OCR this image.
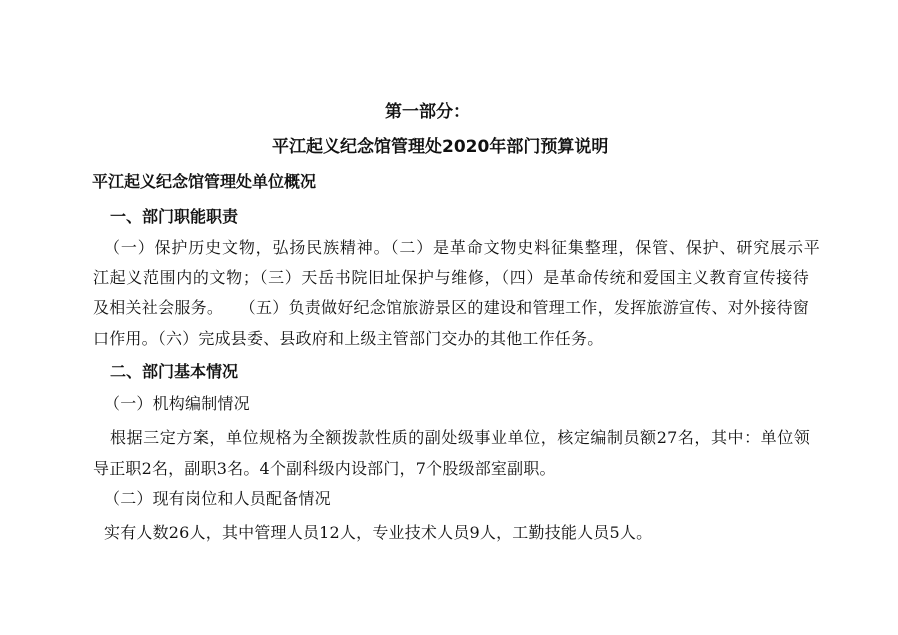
第一部分：
平江起义纪念馆管理处2020年部门预算说明
平江起义纪念馆管理处单位概况
一、部门职能职责
（一）保护历史文物，弘扬民族精神。（二）是革命文物史料征集整理，保管、保护、研究展示平
江起义范围内的文物；（三）天岳书院旧址保护与维修，（四）是革命传统和爱国主义教育宣传接待
及相关社会服务。　　（五）负责做好纪念馆旅游景区的建设和管理工作，发挥旅游宣传、对外接待窗
口作用。（六）完成县委、县政府和上级主管部门交办的其他工作任务。
二、部门基本情况
（一）机构编制情况
根据三定方案，单位规格为全额拨款性质的副处级事业单位，核定编制员额27名，其中：单位领
导正职2名，副职3名。4个副科级内设部门，7个股级部室副职。
（二）现有岗位和人员配备情况
实有人数26人，其中管理人员12人，专业技术人员9人，工勤技能人员5人。
